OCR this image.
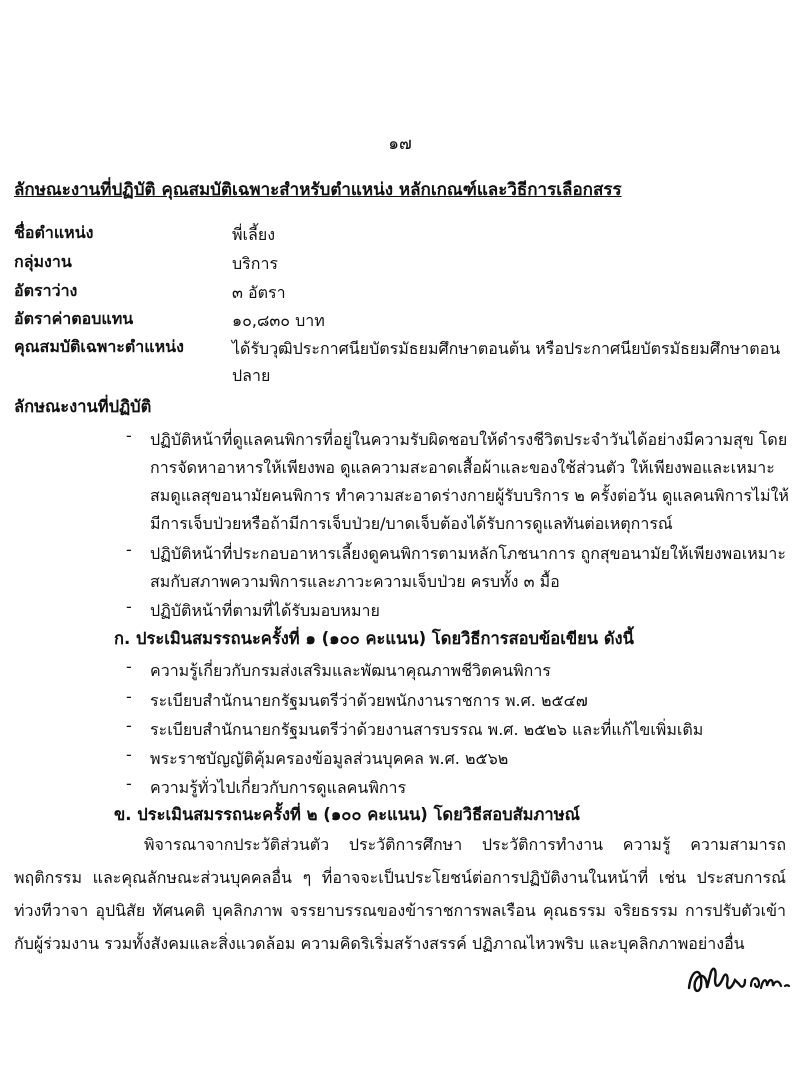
๑๗
ลักษณะงานที่ปฏิบัติ คุณสมบัติเฉพาะสำหรับตำแหน่ง หลักเกณฑ์และวิธีการเลือกสรร
ชื่อตำแหน่ง	พี่เลี้ยง
กลุ่มงาน	บริการ
อัตราว่าง	๓ อัตรา
อัตราค่าตอบแทน	๑๐,๘๓๐ บาท
คุณสมบัติเฉพาะตำแหน่ง	ได้รับวุฒิประกาศนียบัตรมัธยมศึกษาตอนต้น หรือประกาศนียบัตรมัธยมศึกษาตอนปลาย
ลักษณะงานที่ปฏิบัติ
- ปฏิบัติหน้าที่ดูแลคนพิการที่อยู่ในความรับผิดชอบให้ดำรงชีวิตประจำวันได้อย่างมีความสุข โดยการจัดหาอาหารให้เพียงพอ ดูแลความสะอาดเสื้อผ้าและของใช้ส่วนตัว ให้เพียงพอและเหมาะสมดูแลสุขอนามัยคนพิการ ทำความสะอาดร่างกายผู้รับบริการ ๒ ครั้งต่อวัน ดูแลคนพิการไม่ให้มีการเจ็บป่วยหรือถ้ามีการเจ็บป่วย/บาดเจ็บต้องได้รับการดูแลทันต่อเหตุการณ์
- ปฏิบัติหน้าที่ประกอบอาหารเลี้ยงดูคนพิการตามหลักโภชนาการ ถูกสุขอนามัยให้เพียงพอเหมาะสมกับสภาพความพิการและภาวะความเจ็บป่วย ครบทั้ง ๓ มื้อ
- ปฏิบัติหน้าที่ตามที่ได้รับมอบหมาย
ก. ประเมินสมรรถนะครั้งที่ ๑ (๑๐๐ คะแนน) โดยวิธีการสอบข้อเขียน ดังนี้
- ความรู้เกี่ยวกับกรมส่งเสริมและพัฒนาคุณภาพชีวิตคนพิการ
- ระเบียบสำนักนายกรัฐมนตรีว่าด้วยพนักงานราชการ พ.ศ. ๒๕๔๗
- ระเบียบสำนักนายกรัฐมนตรีว่าด้วยงานสารบรรณ พ.ศ. ๒๕๒๖ และที่แก้ไขเพิ่มเติม
- พระราชบัญญัติคุ้มครองข้อมูลส่วนบุคคล พ.ศ. ๒๕๖๒
- ความรู้ทั่วไปเกี่ยวกับการดูแลคนพิการ
ข. ประเมินสมรรถนะครั้งที่ ๒ (๑๐๐ คะแนน) โดยวิธีสอบสัมภาษณ์
พิจารณาจากประวัติส่วนตัว ประวัติการศึกษา ประวัติการทำงาน ความรู้ ความสามารถ พฤติกรรม และคุณลักษณะส่วนบุคคลอื่น ๆ ที่อาจจะเป็นประโยชน์ต่อการปฏิบัติงานในหน้าที่ เช่น ประสบการณ์ ท่วงทีวาจา อุปนิสัย ทัศนคติ บุคลิกภาพ จรรยาบรรณของข้าราชการพลเรือน คุณธรรม จริยธรรม การปรับตัวเข้ากับผู้ร่วมงาน รวมทั้งสังคมและสิ่งแวดล้อม ความคิดริเริ่มสร้างสรรค์ ปฏิภาณไหวพริบ และบุคลิกภาพอย่างอื่น
